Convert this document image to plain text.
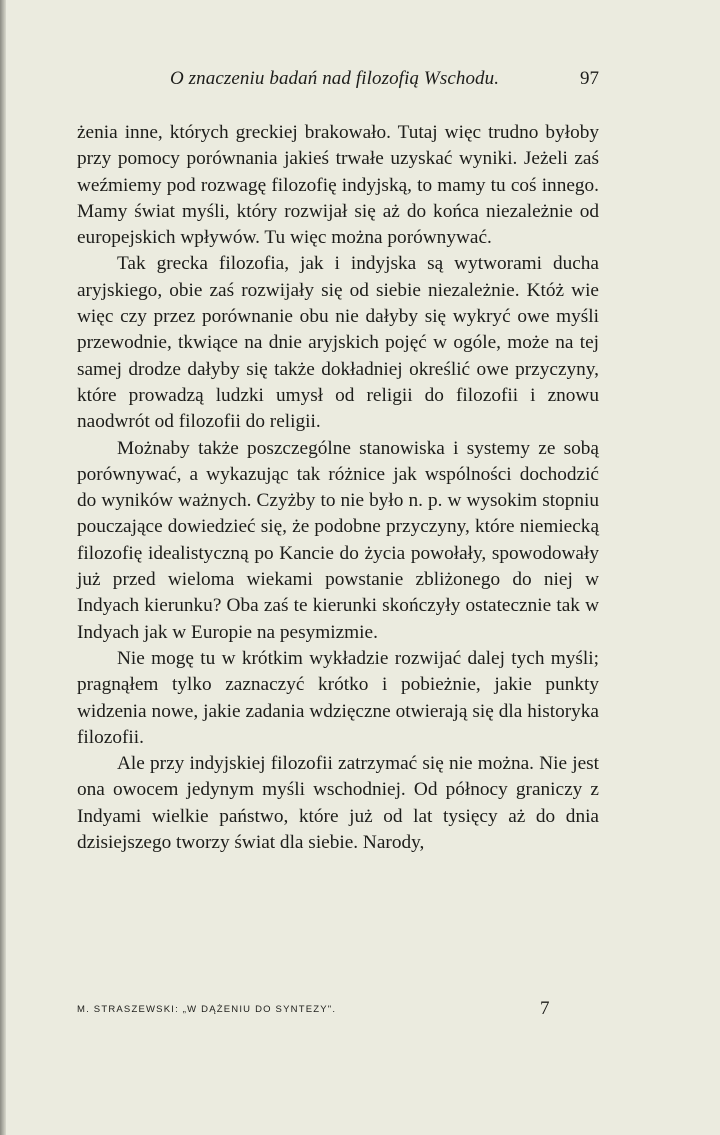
O znaczeniu badań nad filozofią Wschodu.	97

żenia inne, których greckiej brakowało. Tutaj więc trudno byłoby przy pomocy porównania jakieś trwałe uzyskać wyniki. Jeżeli zaś weźmiemy pod rozwagę filozofię indyjską, to mamy tu coś innego. Mamy świat myśli, który rozwijał się aż do końca niezależnie od europejskich wpływów. Tu więc można porównywać.

Tak grecka filozofia, jak i indyjska są wytworami ducha aryjskiego, obie zaś rozwijały się od siebie niezależnie. Któż wie więc czy przez porównanie obu nie dałyby się wykryć owe myśli przewodnie, tkwiące na dnie aryjskich pojęć w ogóle, może na tej samej drodze dałyby się także dokładniej określić owe przyczyny, które prowadzą ludzki umysł od religii do filozofii i znowu naodwrót od filozofii do religii.

Możnaby także poszczególne stanowiska i systemy ze sobą porównywać, a wykazując tak różnice jak wspólności dochodzić do wyników ważnych. Czyżby to nie było n. p. w wysokim stopniu pouczające dowiedzieć się, że podobne przyczyny, które niemiecką filozofię idealistyczną po Kancie do życia powołały, spowodowały już przed wieloma wiekami powstanie zbliżonego do niej w Indyach kierunku? Oba zaś te kierunki skończyły ostatecznie tak w Indyach jak w Europie na pesymizmie.

Nie mogę tu w krótkim wykładzie rozwijać dalej tych myśli; pragnąłem tylko zaznaczyć krótko i pobieżnie, jakie punkty widzenia nowe, jakie zadania wdzięczne otwierają się dla historyka filozofii.

Ale przy indyjskiej filozofii zatrzymać się nie można. Nie jest ona owocem jedynym myśli wschodniej. Od północy graniczy z Indyami wielkie państwo, które już od lat tysięcy aż do dnia dzisiejszego tworzy świat dla siebie. Narody,

M. STRASZEWSKI: „W DĄŻENIU DO SYNTEZY".	7
